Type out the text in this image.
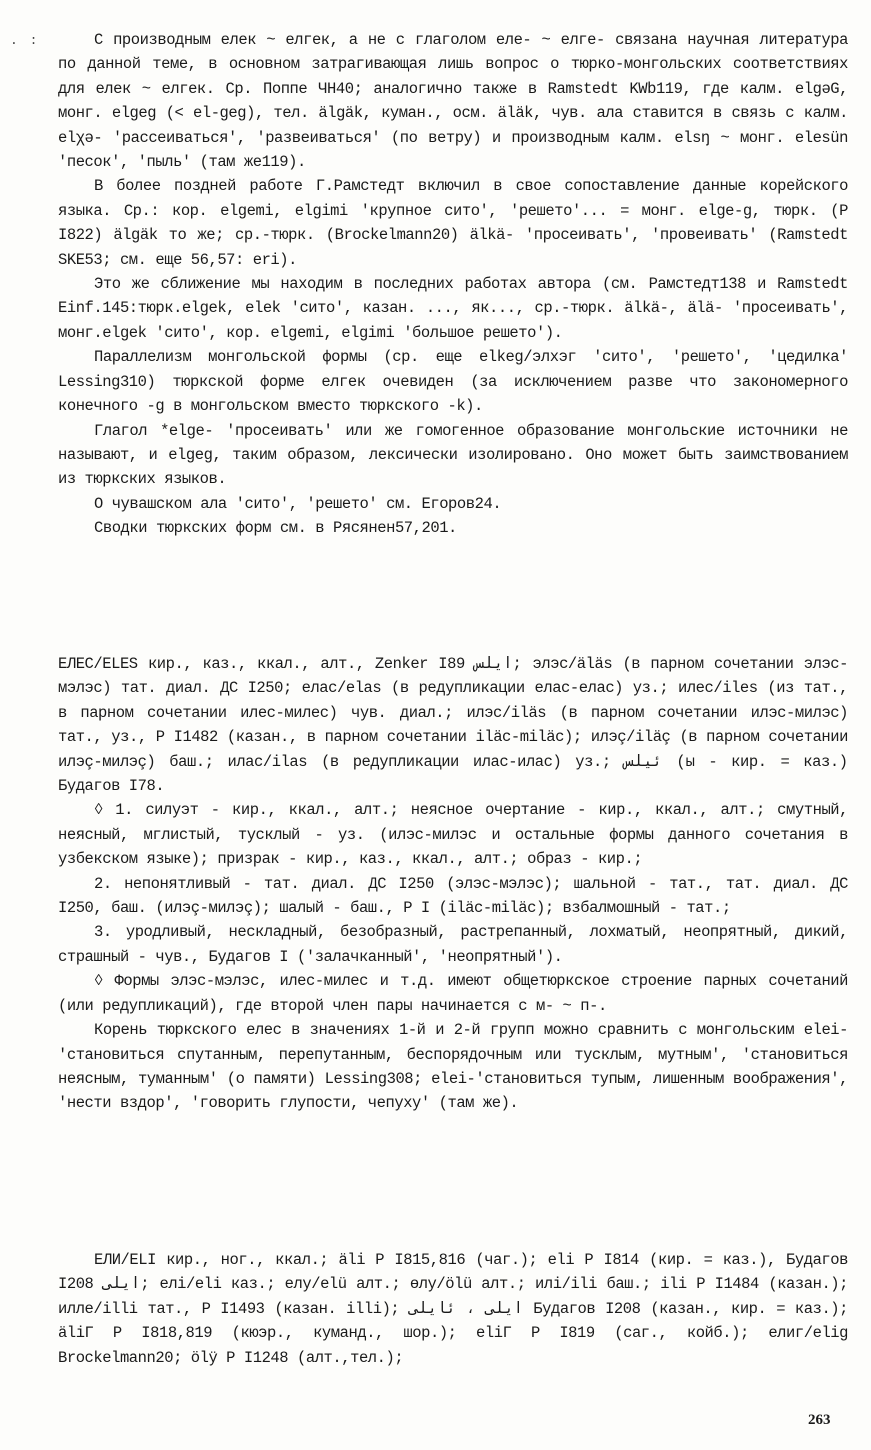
. :	С производным елек ~ елгек, а не с глаголом еле- ~ елге- связана научная литература по данной теме, в основном затрагивающая лишь вопрос о тюрко-монгольских соответствиях для елек ~ елгек. Ср. Поппе ЧН40; аналогично также в Ramstedt KWb119, где калм. elgəG, монг. elgeg (< el-geg), тел. älgäk, куман., осм. äläk, чув. ала ставится в связь с калм. elχə- 'рассеиваться', 'развеиваться' (по ветру) и производным калм. elsŋ ~ монг. elesün 'песок', 'пыль' (там же119).

В более поздней работе Г.Рамстедт включил в свое сопоставление данные корейского языка. Ср.: кор. elgemi, elgimi 'крупное сито', 'решето'... = монг. elge-g, тюрк. (Р I822) älgäk то же; ср.-тюрк. (Brockelmann20) älkä- 'просеивать', 'провеивать' (Ramstedt SKE53; см. еще 56,57: eri).

Это же сближение мы находим в последних работах автора (см. Рамстедт138 и Ramstedt Einf.145:тюрк.elgek, elek 'сито', казан. ..., як..., ср.-тюрк. älkä-, älä- 'просеивать', монг.elgek 'сито', кор. elgemi, elgimi 'большое решето').

Параллелизм монгольской формы (ср. еще elkeg/элхэг 'сито', 'решето', 'цедилка' Lessing310) тюркской форме елгек очевиден (за исключением разве что закономерного конечного -g в монгольском вместо тюркского -k).

Глагол *elge- 'просеивать' или же гомогенное образование монгольские источники не называют, и elgeg, таким образом, лексически изолировано. Оно может быть заимствованием из тюркских языков.

О чувашском ала 'сито', 'решето' см. Егоров24.

Сводки тюркских форм см. в Рясянен57,201.

ЕЛЕС/ELES кир., каз., ккал., алт., Zenker I89 ايلس; элэс/äläs (в парном сочетании элэс-мэлэс) тат. диал. ДС I250; елас/elas (в редупликации елас-елас) уз.; илес/iles (из тат., в парном сочетании илес-милес) чув. диал.; илэс/iläs (в парном сочетании илэс-милэс) тат., уз., Р I1482 (казан., в парном сочетании iläc-miläc); илэç/iläç (в парном сочетании илэç-милэç) баш.; илас/ilas (в редупликации илас-илас) уз.; ئيلس (ы - кир. = каз.) Будагов I78.

◊ 1. силуэт - кир., ккал., алт.; неясное очертание - кир., ккал., алт.; смутный, неясный, мглистый, тусклый - уз. (илэс-милэс и остальные формы данного сочетания в узбекском языке); призрак - кир., каз., ккал., алт.; образ - кир.;

2. непонятливый - тат. диал. ДС I250 (элэс-мэлэс); шальной - тат., тат. диал. ДС I250, баш. (илэç-милэç); шалый - баш., Р I (iläc-miläc); взбалмошный - тат.;

3. уродливый, нескладный, безобразный, растрепанный, лохматый, неопрятный, дикий, страшный - чув., Будагов I ('залачканный', 'неопрятный').

◊ Формы элэс-мэлэс, илес-милес и т.д. имеют общетюркское строение парных сочетаний (или редупликаций), где второй член пары начинается с м- ~ п-.

Корень тюркского елес в значениях 1-й и 2-й групп можно сравнить с монгольским elei-'становиться спутанным, перепутанным, беспорядочным или тусклым, мутным', 'становиться неясным, туманным' (о памяти) Lessing308; elei-'становиться тупым, лишенным воображения', 'нести вздор', 'говорить глупости, чепуху' (там же).

ЕЛИ/ELI кир., ног., ккал.; äli Р I815,816 (чаг.); eli Р I814 (кир. = каз.), Будагов I208 ايلى; елі/elі каз.; елу/elü алт.; өлу/ölü алт.; илі/ilі баш.; ilі Р I1484 (казан.); илле/illi тат., Р I1493 (казан. illi); ايلى ، ئايلى Будагов I208 (казан., кир. = каз.); äliГ Р I818,819 (кюэр., куманд., шор.); eliГ Р I819 (саг., койб.); елиг/elig Brockelmann20; ölÿ Р I1248 (алт.,тел.);

263
